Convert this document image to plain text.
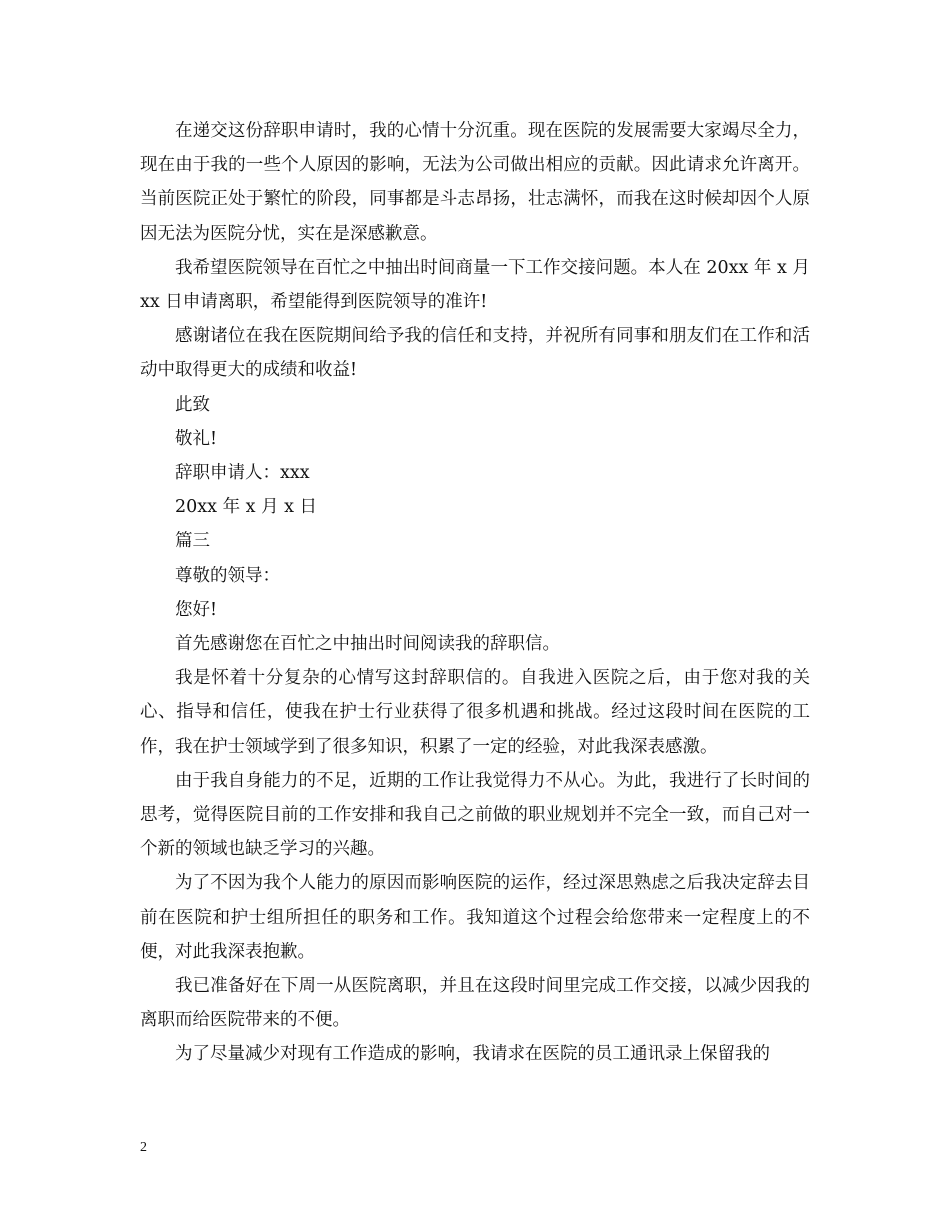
在递交这份辞职申请时，我的心情十分沉重。现在医院的发展需要大家竭尽全力，现在由于我的一些个人原因的影响，无法为公司做出相应的贡献。因此请求允许离开。当前医院正处于繁忙的阶段，同事都是斗志昂扬，壮志满怀，而我在这时候却因个人原因无法为医院分忧，实在是深感歉意。

我希望医院领导在百忙之中抽出时间商量一下工作交接问题。本人在 20xx 年 x 月 xx 日申请离职，希望能得到医院领导的准许!

感谢诸位在我在医院期间给予我的信任和支持，并祝所有同事和朋友们在工作和活动中取得更大的成绩和收益!

此致

敬礼!

辞职申请人：xxx

20xx 年 x 月 x 日

篇三

尊敬的领导：

您好!

首先感谢您在百忙之中抽出时间阅读我的辞职信。

我是怀着十分复杂的心情写这封辞职信的。自我进入医院之后，由于您对我的关心、指导和信任，使我在护士行业获得了很多机遇和挑战。经过这段时间在医院的工作，我在护士领域学到了很多知识，积累了一定的经验，对此我深表感激。

由于我自身能力的不足，近期的工作让我觉得力不从心。为此，我进行了长时间的思考，觉得医院目前的工作安排和我自己之前做的职业规划并不完全一致，而自己对一个新的领域也缺乏学习的兴趣。

为了不因为我个人能力的原因而影响医院的运作，经过深思熟虑之后我决定辞去目前在医院和护士组所担任的职务和工作。我知道这个过程会给您带来一定程度上的不便，对此我深表抱歉。

我已准备好在下周一从医院离职，并且在这段时间里完成工作交接，以减少因我的离职而给医院带来的不便。

为了尽量减少对现有工作造成的影响，我请求在医院的员工通讯录上保留我的

2
